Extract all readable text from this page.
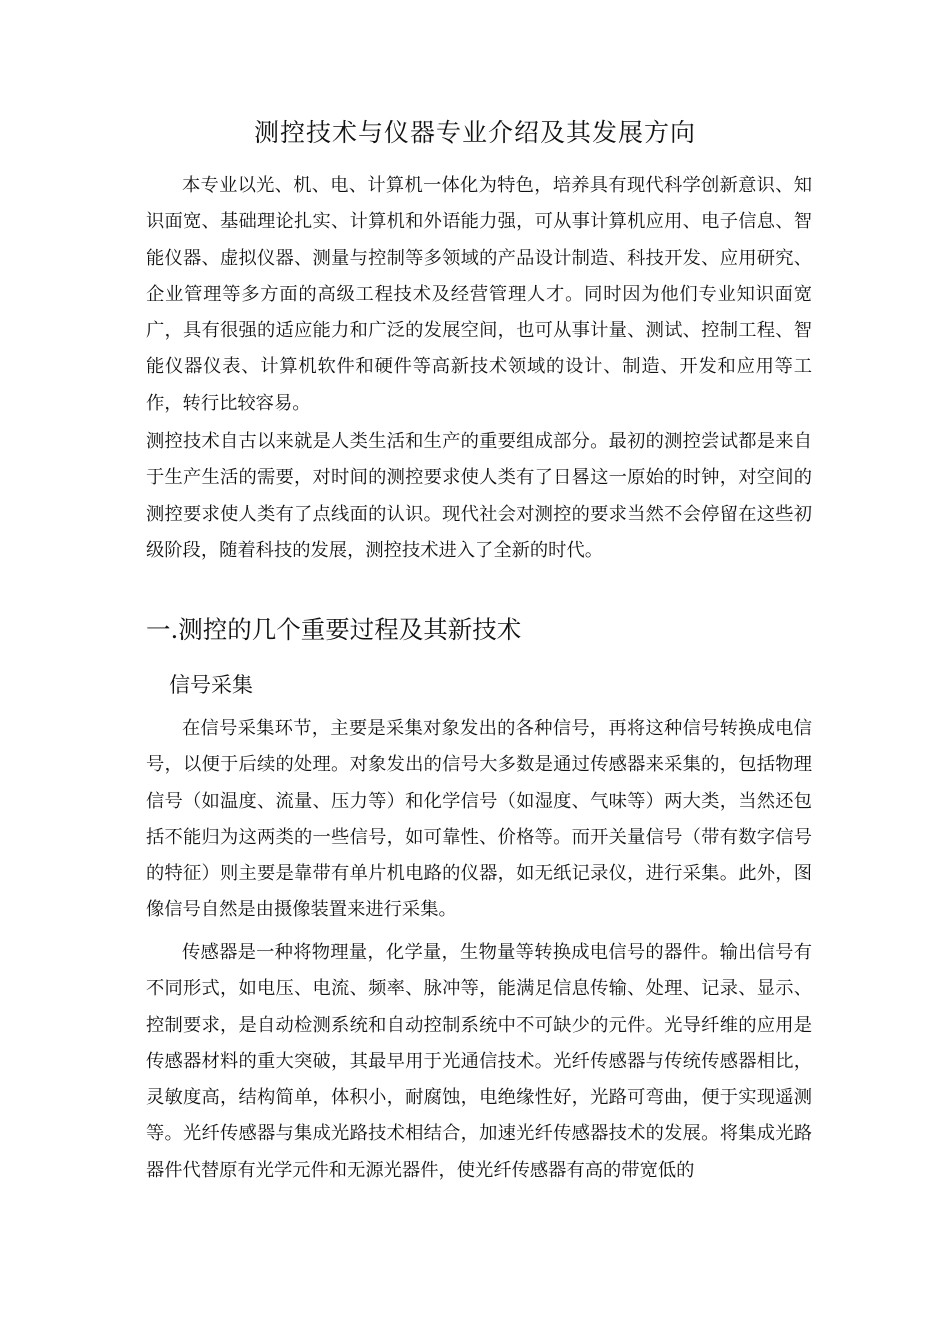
测控技术与仪器专业介绍及其发展方向

本专业以光、机、电、计算机一体化为特色，培养具有现代科学创新意识、知识面宽、基础理论扎实、计算机和外语能力强，可从事计算机应用、电子信息、智能仪器、虚拟仪器、测量与控制等多领域的产品设计制造、科技开发、应用研究、企业管理等多方面的高级工程技术及经营管理人才。同时因为他们专业知识面宽广，具有很强的适应能力和广泛的发展空间，也可从事计量、测试、控制工程、智能仪器仪表、计算机软件和硬件等高新技术领域的设计、制造、开发和应用等工作，转行比较容易。

测控技术自古以来就是人类生活和生产的重要组成部分。最初的测控尝试都是来自于生产生活的需要，对时间的测控要求使人类有了日晷这一原始的时钟，对空间的测控要求使人类有了点线面的认识。现代社会对测控的要求当然不会停留在这些初级阶段，随着科技的发展，测控技术进入了全新的时代。

一.测控的几个重要过程及其新技术
信号采集

在信号采集环节，主要是采集对象发出的各种信号，再将这种信号转换成电信号，以便于后续的处理。对象发出的信号大多数是通过传感器来采集的，包括物理信号（如温度、流量、压力等）和化学信号（如湿度、气味等）两大类，当然还包括不能归为这两类的一些信号，如可靠性、价格等。而开关量信号（带有数字信号的特征）则主要是靠带有单片机电路的仪器，如无纸记录仪，进行采集。此外，图像信号自然是由摄像装置来进行采集。

传感器是一种将物理量，化学量，生物量等转换成电信号的器件。输出信号有不同形式，如电压、电流、频率、脉冲等，能满足信息传输、处理、记录、显示、控制要求，是自动检测系统和自动控制系统中不可缺少的元件。光导纤维的应用是传感器材料的重大突破，其最早用于光通信技术。光纤传感器与传统传感器相比，灵敏度高，结构简单，体积小，耐腐蚀，电绝缘性好，光路可弯曲，便于实现遥测等。光纤传感器与集成光路技术相结合，加速光纤传感器技术的发展。将集成光路器件代替原有光学元件和无源光器件，使光纤传感器有高的带宽低的
